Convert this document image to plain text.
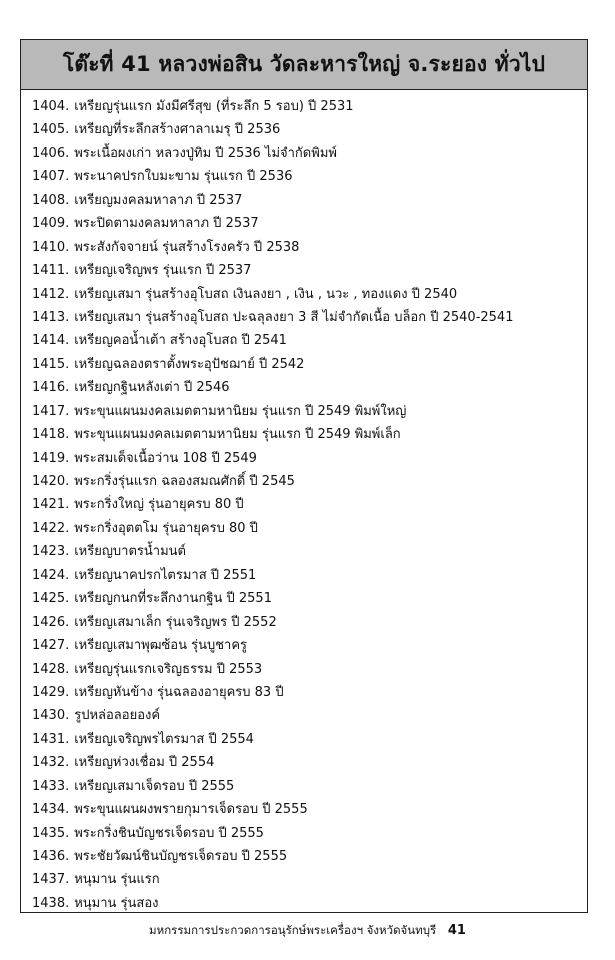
โต๊ะที่ 41 หลวงพ่อสิน วัดละหารใหญ่ จ.ระยอง ทั่วไป
1404. เหรียญรุ่นแรก มังมีศรีสุข (ที่ระลึก 5 รอบ) ปี 2531
1405. เหรียญที่ระลึกสร้างศาลาเมรุ ปี 2536
1406. พระเนื้อผงเก่า หลวงปู่ทิม ปี 2536 ไม่จำกัดพิมพ์
1407. พระนาคปรกใบมะขาม รุ่นแรก ปี 2536
1408. เหรียญมงคลมหาลาภ ปี 2537
1409. พระปิดตามงคลมหาลาภ ปี 2537
1410. พระสังกัจจายน์ รุ่นสร้างโรงครัว ปี 2538
1411. เหรียญเจริญพร รุ่นแรก ปี 2537
1412. เหรียญเสมา รุ่นสร้างอุโบสถ เงินลงยา , เงิน , นวะ , ทองแดง ปี 2540
1413. เหรียญเสมา รุ่นสร้างอุโบสถ ปะฉลุลงยา 3 สี ไม่จำกัดเนื้อ บล็อก ปี 2540-2541
1414. เหรียญคอน้ำเต้า สร้างอุโบสถ ปี 2541
1415. เหรียญฉลองตราตั้งพระอุปัชฌาย์ ปี 2542
1416. เหรียญกฐินหลังเต่า ปี 2546
1417. พระขุนแผนมงคลเมตตามหานิยม รุ่นแรก ปี 2549 พิมพ์ใหญ่
1418. พระขุนแผนมงคลเมตตามหานิยม รุ่นแรก ปี 2549 พิมพ์เล็ก
1419. พระสมเด็จเนื้อว่าน 108 ปี 2549
1420. พระกริ่งรุ่นแรก ฉลองสมณศักดิ์ ปี 2545
1421. พระกริ่งใหญ่ รุ่นอายุครบ 80 ปี
1422. พระกริ่งอุตตโม รุ่นอายุครบ 80 ปี
1423. เหรียญบาตรน้ำมนต์
1424. เหรียญนาคปรกไตรมาส ปี 2551
1425. เหรียญกนกที่ระลึกงานกฐิน ปี 2551
1426. เหรียญเสมาเล็ก รุ่นเจริญพร ปี 2552
1427. เหรียญเสมาพุฒซ้อน รุ่นบูชาครู
1428. เหรียญรุ่นแรกเจริญธรรม ปี 2553
1429. เหรียญหันข้าง รุ่นฉลองอายุครบ 83 ปี
1430. รูปหล่อลอยองค์
1431. เหรียญเจริญพรไตรมาส ปี 2554
1432. เหรียญห่วงเชื่อม ปี 2554
1433. เหรียญเสมาเจ็ดรอบ ปี 2555
1434. พระขุนแผนผงพรายกุมารเจ็ดรอบ ปี 2555
1435. พระกริ่งชินบัญชรเจ็ดรอบ ปี 2555
1436. พระชัยวัฒน์ชินบัญชรเจ็ดรอบ ปี 2555
1437. หนุมาน รุ่นแรก
1438. หนุมาน รุ่นสอง
มหกรรมการประกวดการอนุรักษ์พระเครื่องฯ จังหวัดจันทบุรี 41
